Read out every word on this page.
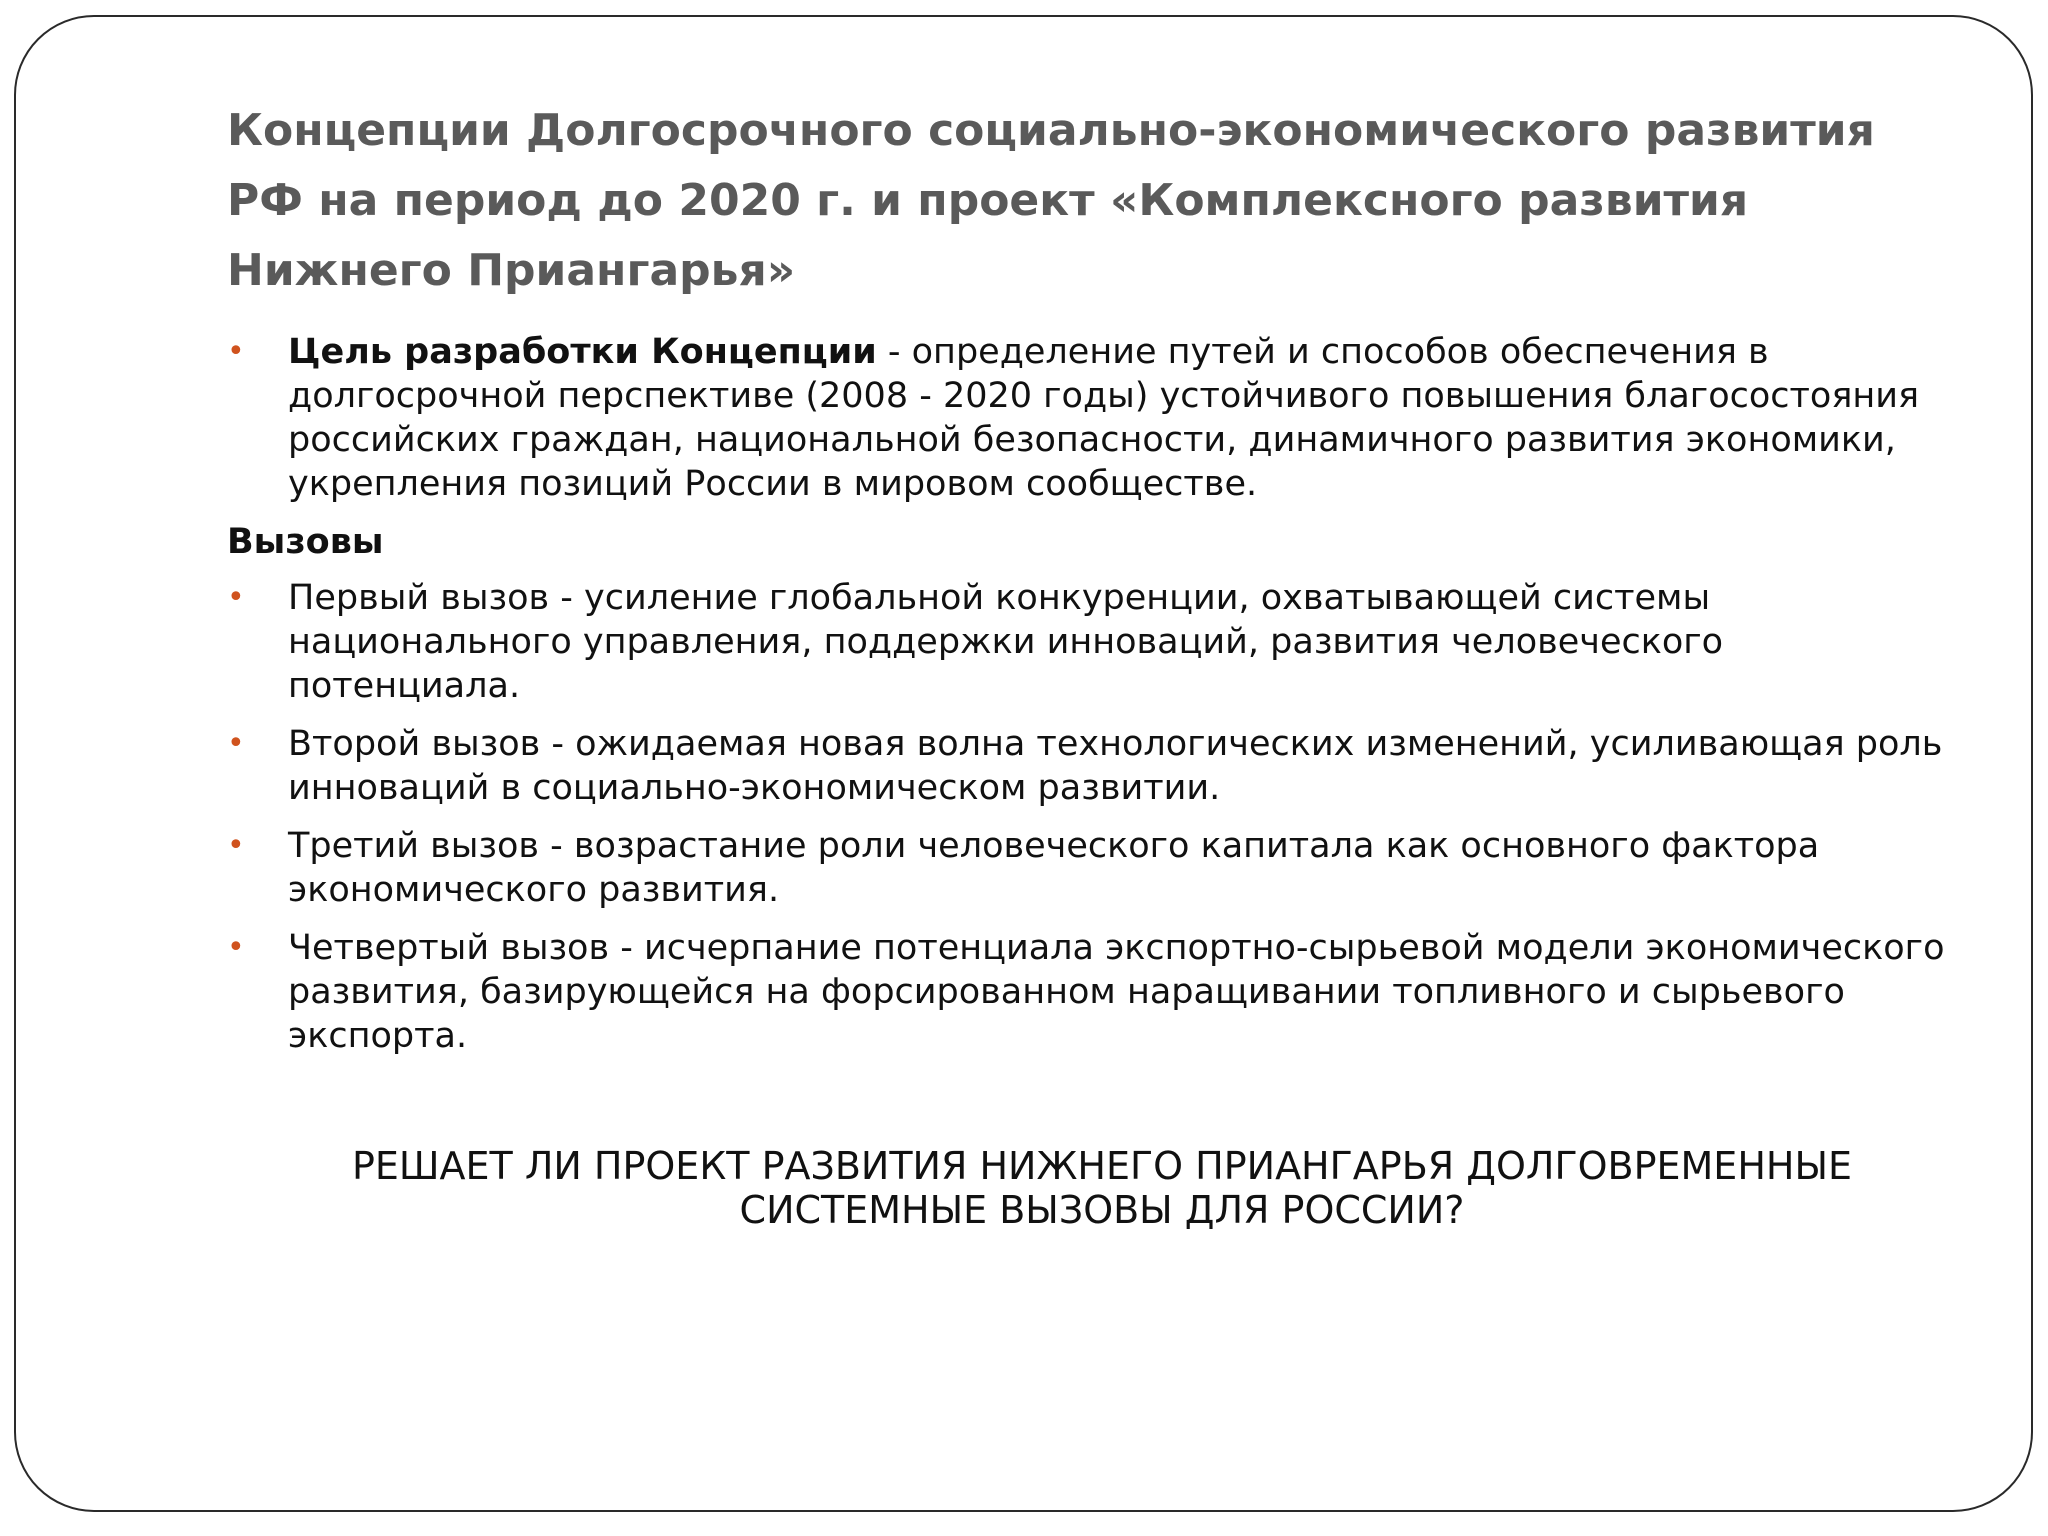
Концепции Долгосрочного социально-экономического развития РФ на период до 2020 г. и проект «Комплексного развития Нижнего Приангарья»
• Цель разработки Концепции - определение путей и способов обеспечения в долгосрочной перспективе (2008 - 2020 годы) устойчивого повышения благосостояния российских граждан, национальной безопасности, динамичного развития экономики, укрепления позиций России в мировом сообществе.
Вызовы
• Первый вызов - усиление глобальной конкуренции, охватывающей системы национального управления, поддержки инноваций, развития человеческого потенциала.
• Второй вызов - ожидаемая новая волна технологических изменений, усиливающая роль инноваций в социально-экономическом развитии.
• Третий вызов - возрастание роли человеческого капитала как основного фактора экономического развития.
• Четвертый вызов - исчерпание потенциала экспортно-сырьевой модели экономического развития, базирующейся на форсированном наращивании топливного и сырьевого экспорта.

РЕШАЕТ ЛИ ПРОЕКТ РАЗВИТИЯ НИЖНЕГО ПРИАНГАРЬЯ ДОЛГОВРЕМЕННЫЕ СИСТЕМНЫЕ ВЫЗОВЫ ДЛЯ РОССИИ?
